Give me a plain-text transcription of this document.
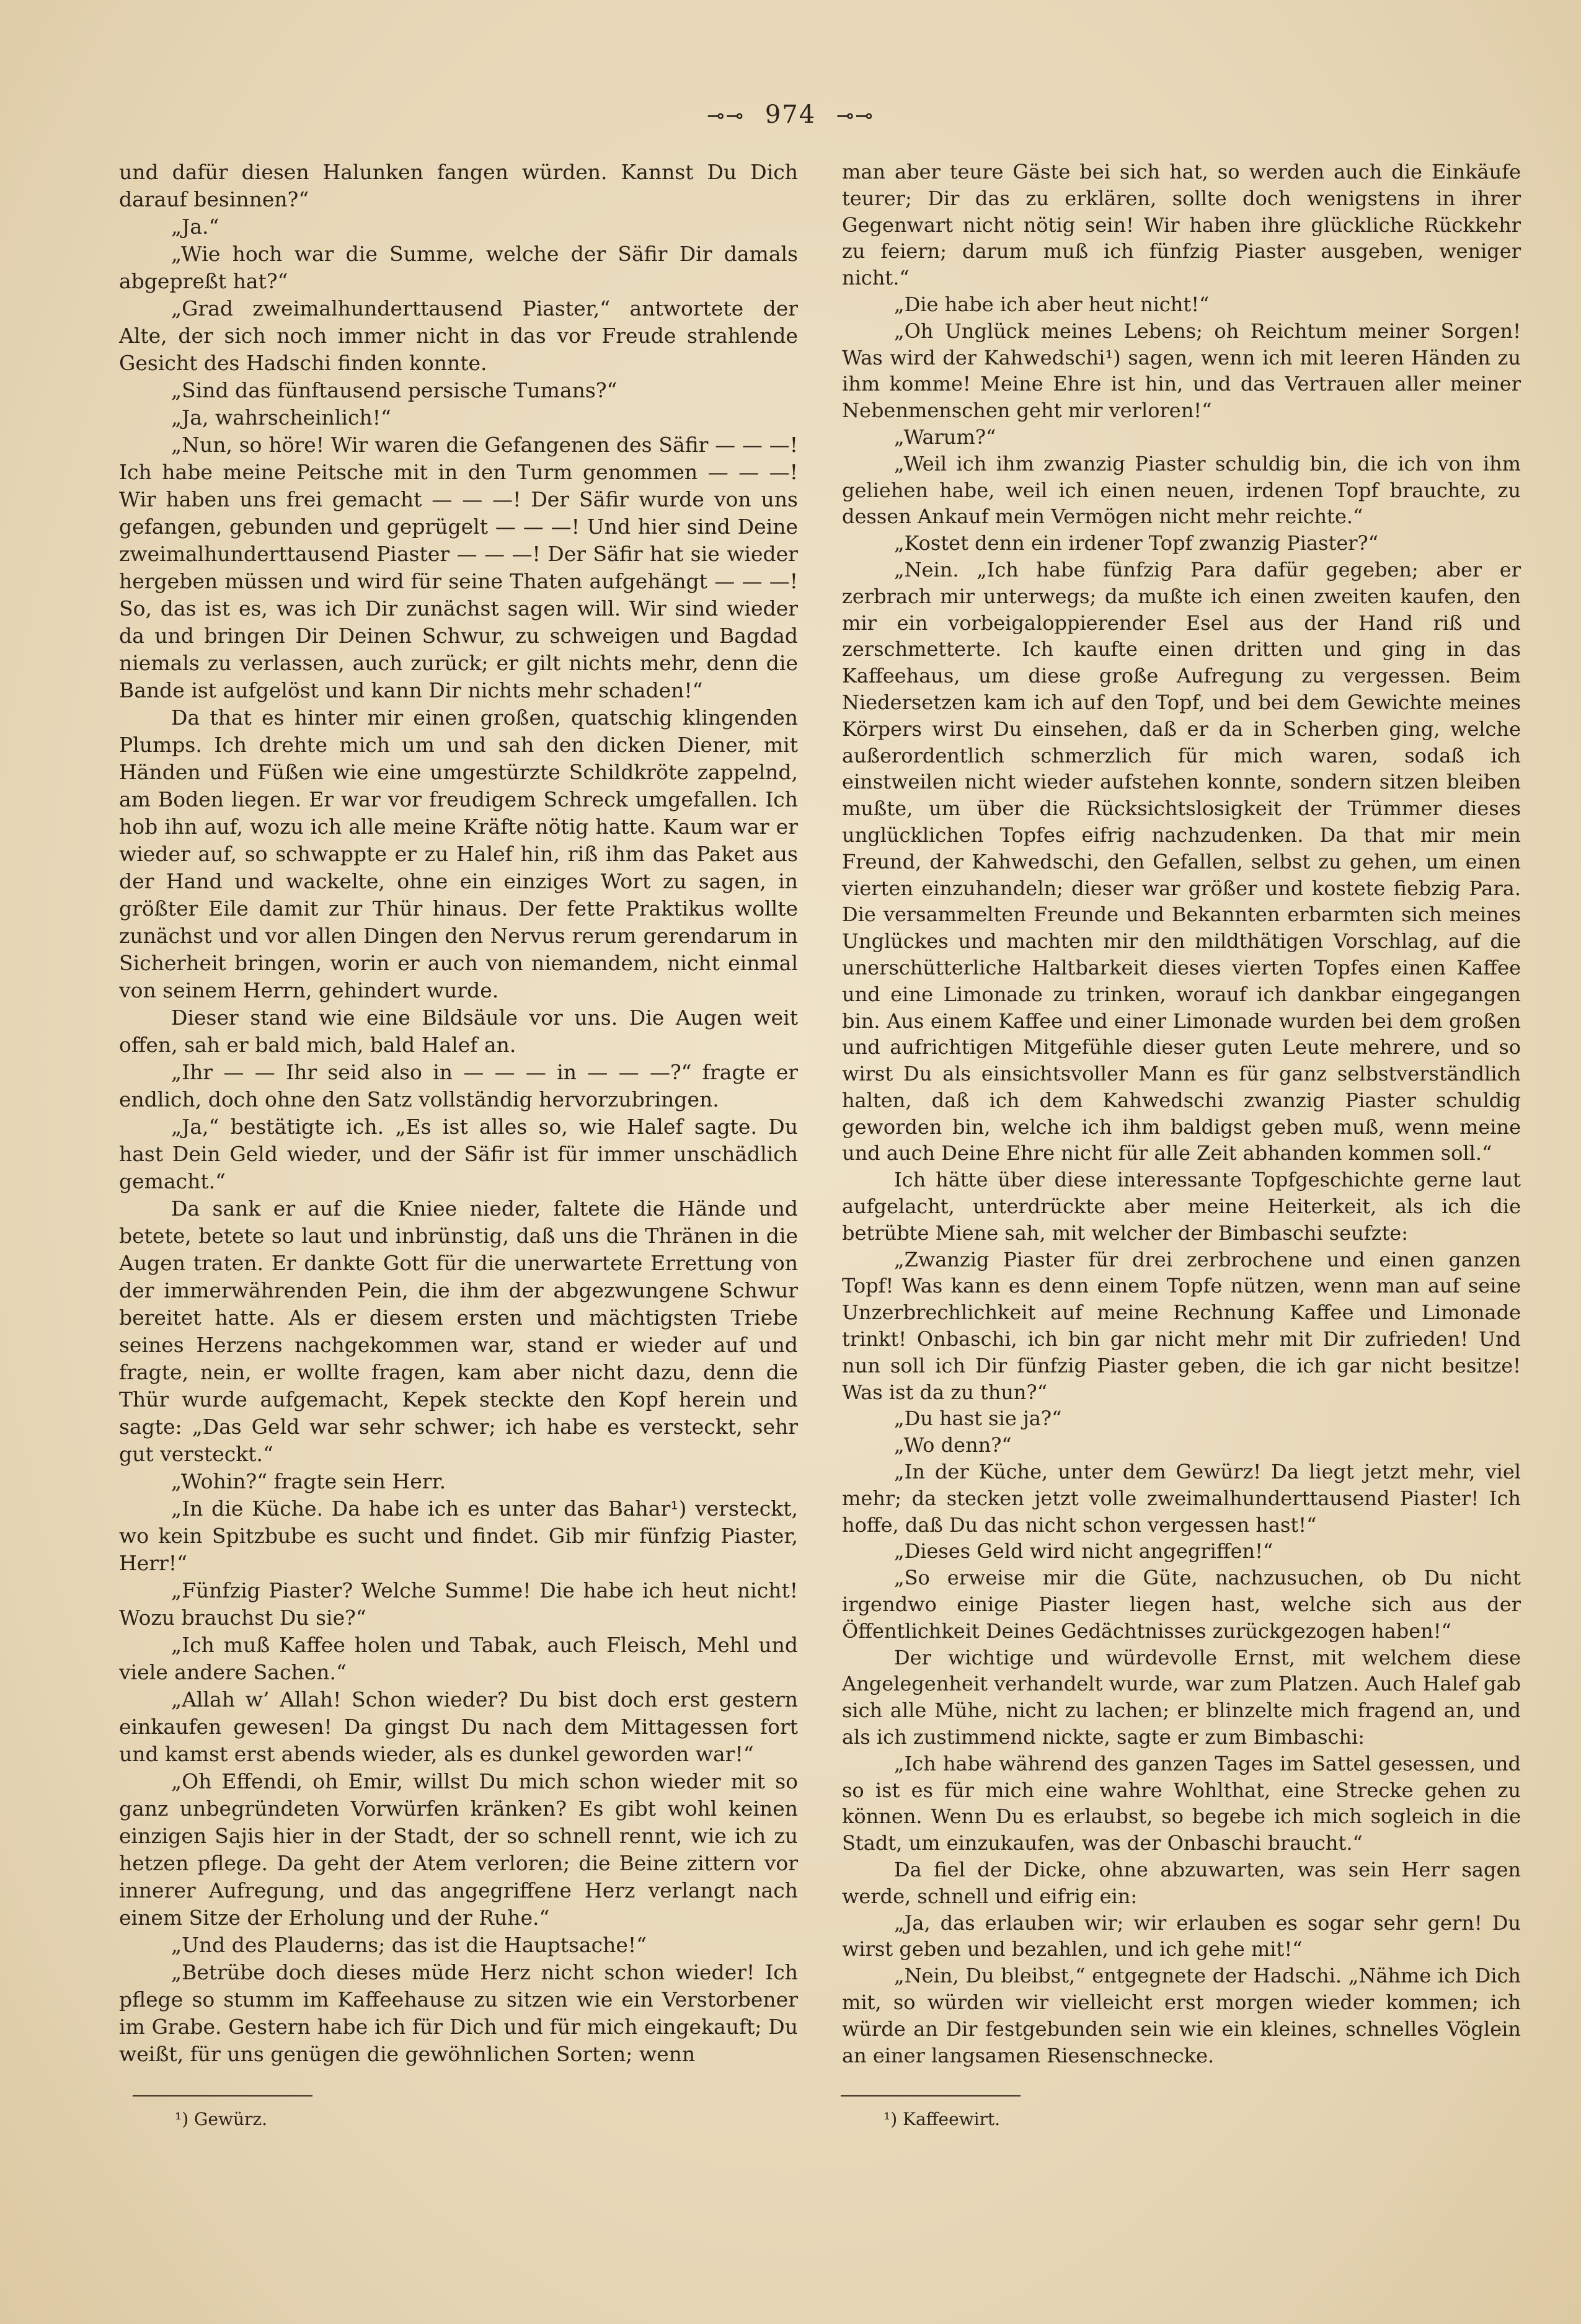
⊸⊸ 974 ⊸⊸

und dafür diesen Halunken fangen würden. Kannst Du Dich darauf besinnen?“

„Ja.“

„Wie hoch war die Summe, welche der Säfir Dir damals abgepreßt hat?“

„Grad zweimalhunderttausend Piaster,“ antwortete der Alte, der sich noch immer nicht in das vor Freude strahlende Gesicht des Hadschi finden konnte.

„Sind das fünftausend persische Tumans?“

„Ja, wahrscheinlich!“

„Nun, so höre! Wir waren die Gefangenen des Säfir — — —! Ich habe meine Peitsche mit in den Turm genommen — — —! Wir haben uns frei gemacht — — —! Der Säfir wurde von uns gefangen, gebunden und geprügelt — — —! Und hier sind Deine zweimalhunderttausend Piaster — — —! Der Säfir hat sie wieder hergeben müssen und wird für seine Thaten aufgehängt — — —! So, das ist es, was ich Dir zunächst sagen will. Wir sind wieder da und bringen Dir Deinen Schwur, zu schweigen und Bagdad niemals zu verlassen, auch zurück; er gilt nichts mehr, denn die Bande ist aufgelöst und kann Dir nichts mehr schaden!“

Da that es hinter mir einen großen, quatschig klingenden Plumps. Ich drehte mich um und sah den dicken Diener, mit Händen und Füßen wie eine umgestürzte Schildkröte zappelnd, am Boden liegen. Er war vor freudigem Schreck umgefallen. Ich hob ihn auf, wozu ich alle meine Kräfte nötig hatte. Kaum war er wieder auf, so schwappte er zu Halef hin, riß ihm das Paket aus der Hand und wackelte, ohne ein einziges Wort zu sagen, in größter Eile damit zur Thür hinaus. Der fette Praktikus wollte zunächst und vor allen Dingen den Nervus rerum gerendarum in Sicherheit bringen, worin er auch von niemandem, nicht einmal von seinem Herrn, gehindert wurde.

Dieser stand wie eine Bildsäule vor uns. Die Augen weit offen, sah er bald mich, bald Halef an.

„Ihr — — Ihr seid also in — — — in — — —?“ fragte er endlich, doch ohne den Satz vollständig hervorzubringen.

„Ja,“ bestätigte ich. „Es ist alles so, wie Halef sagte. Du hast Dein Geld wieder, und der Säfir ist für immer unschädlich gemacht.“

Da sank er auf die Kniee nieder, faltete die Hände und betete, betete so laut und inbrünstig, daß uns die Thränen in die Augen traten. Er dankte Gott für die unerwartete Errettung von der immerwährenden Pein, die ihm der abgezwungene Schwur bereitet hatte. Als er diesem ersten und mächtigsten Triebe seines Herzens nachgekommen war, stand er wieder auf und fragte, nein, er wollte fragen, kam aber nicht dazu, denn die Thür wurde aufgemacht, Kepek steckte den Kopf herein und sagte: „Das Geld war sehr schwer; ich habe es versteckt, sehr gut versteckt.“

„Wohin?“ fragte sein Herr.

„In die Küche. Da habe ich es unter das Bahar¹) versteckt, wo kein Spitzbube es sucht und findet. Gib mir fünfzig Piaster, Herr!“

„Fünfzig Piaster? Welche Summe! Die habe ich heut nicht! Wozu brauchst Du sie?“

„Ich muß Kaffee holen und Tabak, auch Fleisch, Mehl und viele andere Sachen.“

„Allah w’ Allah! Schon wieder? Du bist doch erst gestern einkaufen gewesen! Da gingst Du nach dem Mittagessen fort und kamst erst abends wieder, als es dunkel geworden war!“

„Oh Effendi, oh Emir, willst Du mich schon wieder mit so ganz unbegründeten Vorwürfen kränken? Es gibt wohl keinen einzigen Sajis hier in der Stadt, der so schnell rennt, wie ich zu hetzen pflege. Da geht der Atem verloren; die Beine zittern vor innerer Aufregung, und das angegriffene Herz verlangt nach einem Sitze der Erholung und der Ruhe.“

„Und des Plauderns; das ist die Hauptsache!“

„Betrübe doch dieses müde Herz nicht schon wieder! Ich pflege so stumm im Kaffeehause zu sitzen wie ein Verstorbener im Grabe. Gestern habe ich für Dich und für mich eingekauft; Du weißt, für uns genügen die gewöhnlichen Sorten; wenn

man aber teure Gäste bei sich hat, so werden auch die Einkäufe teurer; Dir das zu erklären, sollte doch wenigstens in ihrer Gegenwart nicht nötig sein! Wir haben ihre glückliche Rückkehr zu feiern; darum muß ich fünfzig Piaster ausgeben, weniger nicht.“

„Die habe ich aber heut nicht!“

„Oh Unglück meines Lebens; oh Reichtum meiner Sorgen! Was wird der Kahwedschi¹) sagen, wenn ich mit leeren Händen zu ihm komme! Meine Ehre ist hin, und das Vertrauen aller meiner Nebenmenschen geht mir verloren!“

„Warum?“

„Weil ich ihm zwanzig Piaster schuldig bin, die ich von ihm geliehen habe, weil ich einen neuen, irdenen Topf brauchte, zu dessen Ankauf mein Vermögen nicht mehr reichte.“

„Kostet denn ein irdener Topf zwanzig Piaster?“

„Nein. „Ich habe fünfzig Para dafür gegeben; aber er zerbrach mir unterwegs; da mußte ich einen zweiten kaufen, den mir ein vorbeigaloppierender Esel aus der Hand riß und zerschmetterte. Ich kaufte einen dritten und ging in das Kaffeehaus, um diese große Aufregung zu vergessen. Beim Niedersetzen kam ich auf den Topf, und bei dem Gewichte meines Körpers wirst Du einsehen, daß er da in Scherben ging, welche außerordentlich schmerzlich für mich waren, sodaß ich einstweilen nicht wieder aufstehen konnte, sondern sitzen bleiben mußte, um über die Rücksichtslosigkeit der Trümmer dieses unglücklichen Topfes eifrig nachzudenken. Da that mir mein Freund, der Kahwedschi, den Gefallen, selbst zu gehen, um einen vierten einzuhandeln; dieser war größer und kostete fiebzig Para. Die versammelten Freunde und Bekannten erbarmten sich meines Unglückes und machten mir den mildthätigen Vorschlag, auf die unerschütterliche Haltbarkeit dieses vierten Topfes einen Kaffee und eine Limonade zu trinken, worauf ich dankbar eingegangen bin. Aus einem Kaffee und einer Limonade wurden bei dem großen und aufrichtigen Mitgefühle dieser guten Leute mehrere, und so wirst Du als einsichtsvoller Mann es für ganz selbstverständlich halten, daß ich dem Kahwedschi zwanzig Piaster schuldig geworden bin, welche ich ihm baldigst geben muß, wenn meine und auch Deine Ehre nicht für alle Zeit abhanden kommen soll.“

Ich hätte über diese interessante Topfgeschichte gerne laut aufgelacht, unterdrückte aber meine Heiterkeit, als ich die betrübte Miene sah, mit welcher der Bimbaschi seufzte:

„Zwanzig Piaster für drei zerbrochene und einen ganzen Topf! Was kann es denn einem Topfe nützen, wenn man auf seine Unzerbrechlichkeit auf meine Rechnung Kaffee und Limonade trinkt! Onbaschi, ich bin gar nicht mehr mit Dir zufrieden! Und nun soll ich Dir fünfzig Piaster geben, die ich gar nicht besitze! Was ist da zu thun?“

„Du hast sie ja?“

„Wo denn?“

„In der Küche, unter dem Gewürz! Da liegt jetzt mehr, viel mehr; da stecken jetzt volle zweimalhunderttausend Piaster! Ich hoffe, daß Du das nicht schon vergessen hast!“

„Dieses Geld wird nicht angegriffen!“

„So erweise mir die Güte, nachzusuchen, ob Du nicht irgendwo einige Piaster liegen hast, welche sich aus der Öffentlichkeit Deines Gedächtnisses zurückgezogen haben!“

Der wichtige und würdevolle Ernst, mit welchem diese Angelegenheit verhandelt wurde, war zum Platzen. Auch Halef gab sich alle Mühe, nicht zu lachen; er blinzelte mich fragend an, und als ich zustimmend nickte, sagte er zum Bimbaschi:

„Ich habe während des ganzen Tages im Sattel gesessen, und so ist es für mich eine wahre Wohlthat, eine Strecke gehen zu können. Wenn Du es erlaubst, so begebe ich mich sogleich in die Stadt, um einzukaufen, was der Onbaschi braucht.“

Da fiel der Dicke, ohne abzuwarten, was sein Herr sagen werde, schnell und eifrig ein:

„Ja, das erlauben wir; wir erlauben es sogar sehr gern! Du wirst geben und bezahlen, und ich gehe mit!“

„Nein, Du bleibst,“ entgegnete der Hadschi. „Nähme ich Dich mit, so würden wir vielleicht erst morgen wieder kommen; ich würde an Dir festgebunden sein wie ein kleines, schnelles Vöglein an einer langsamen Riesenschnecke.

¹) Gewürz.	¹) Kaffeewirt.
